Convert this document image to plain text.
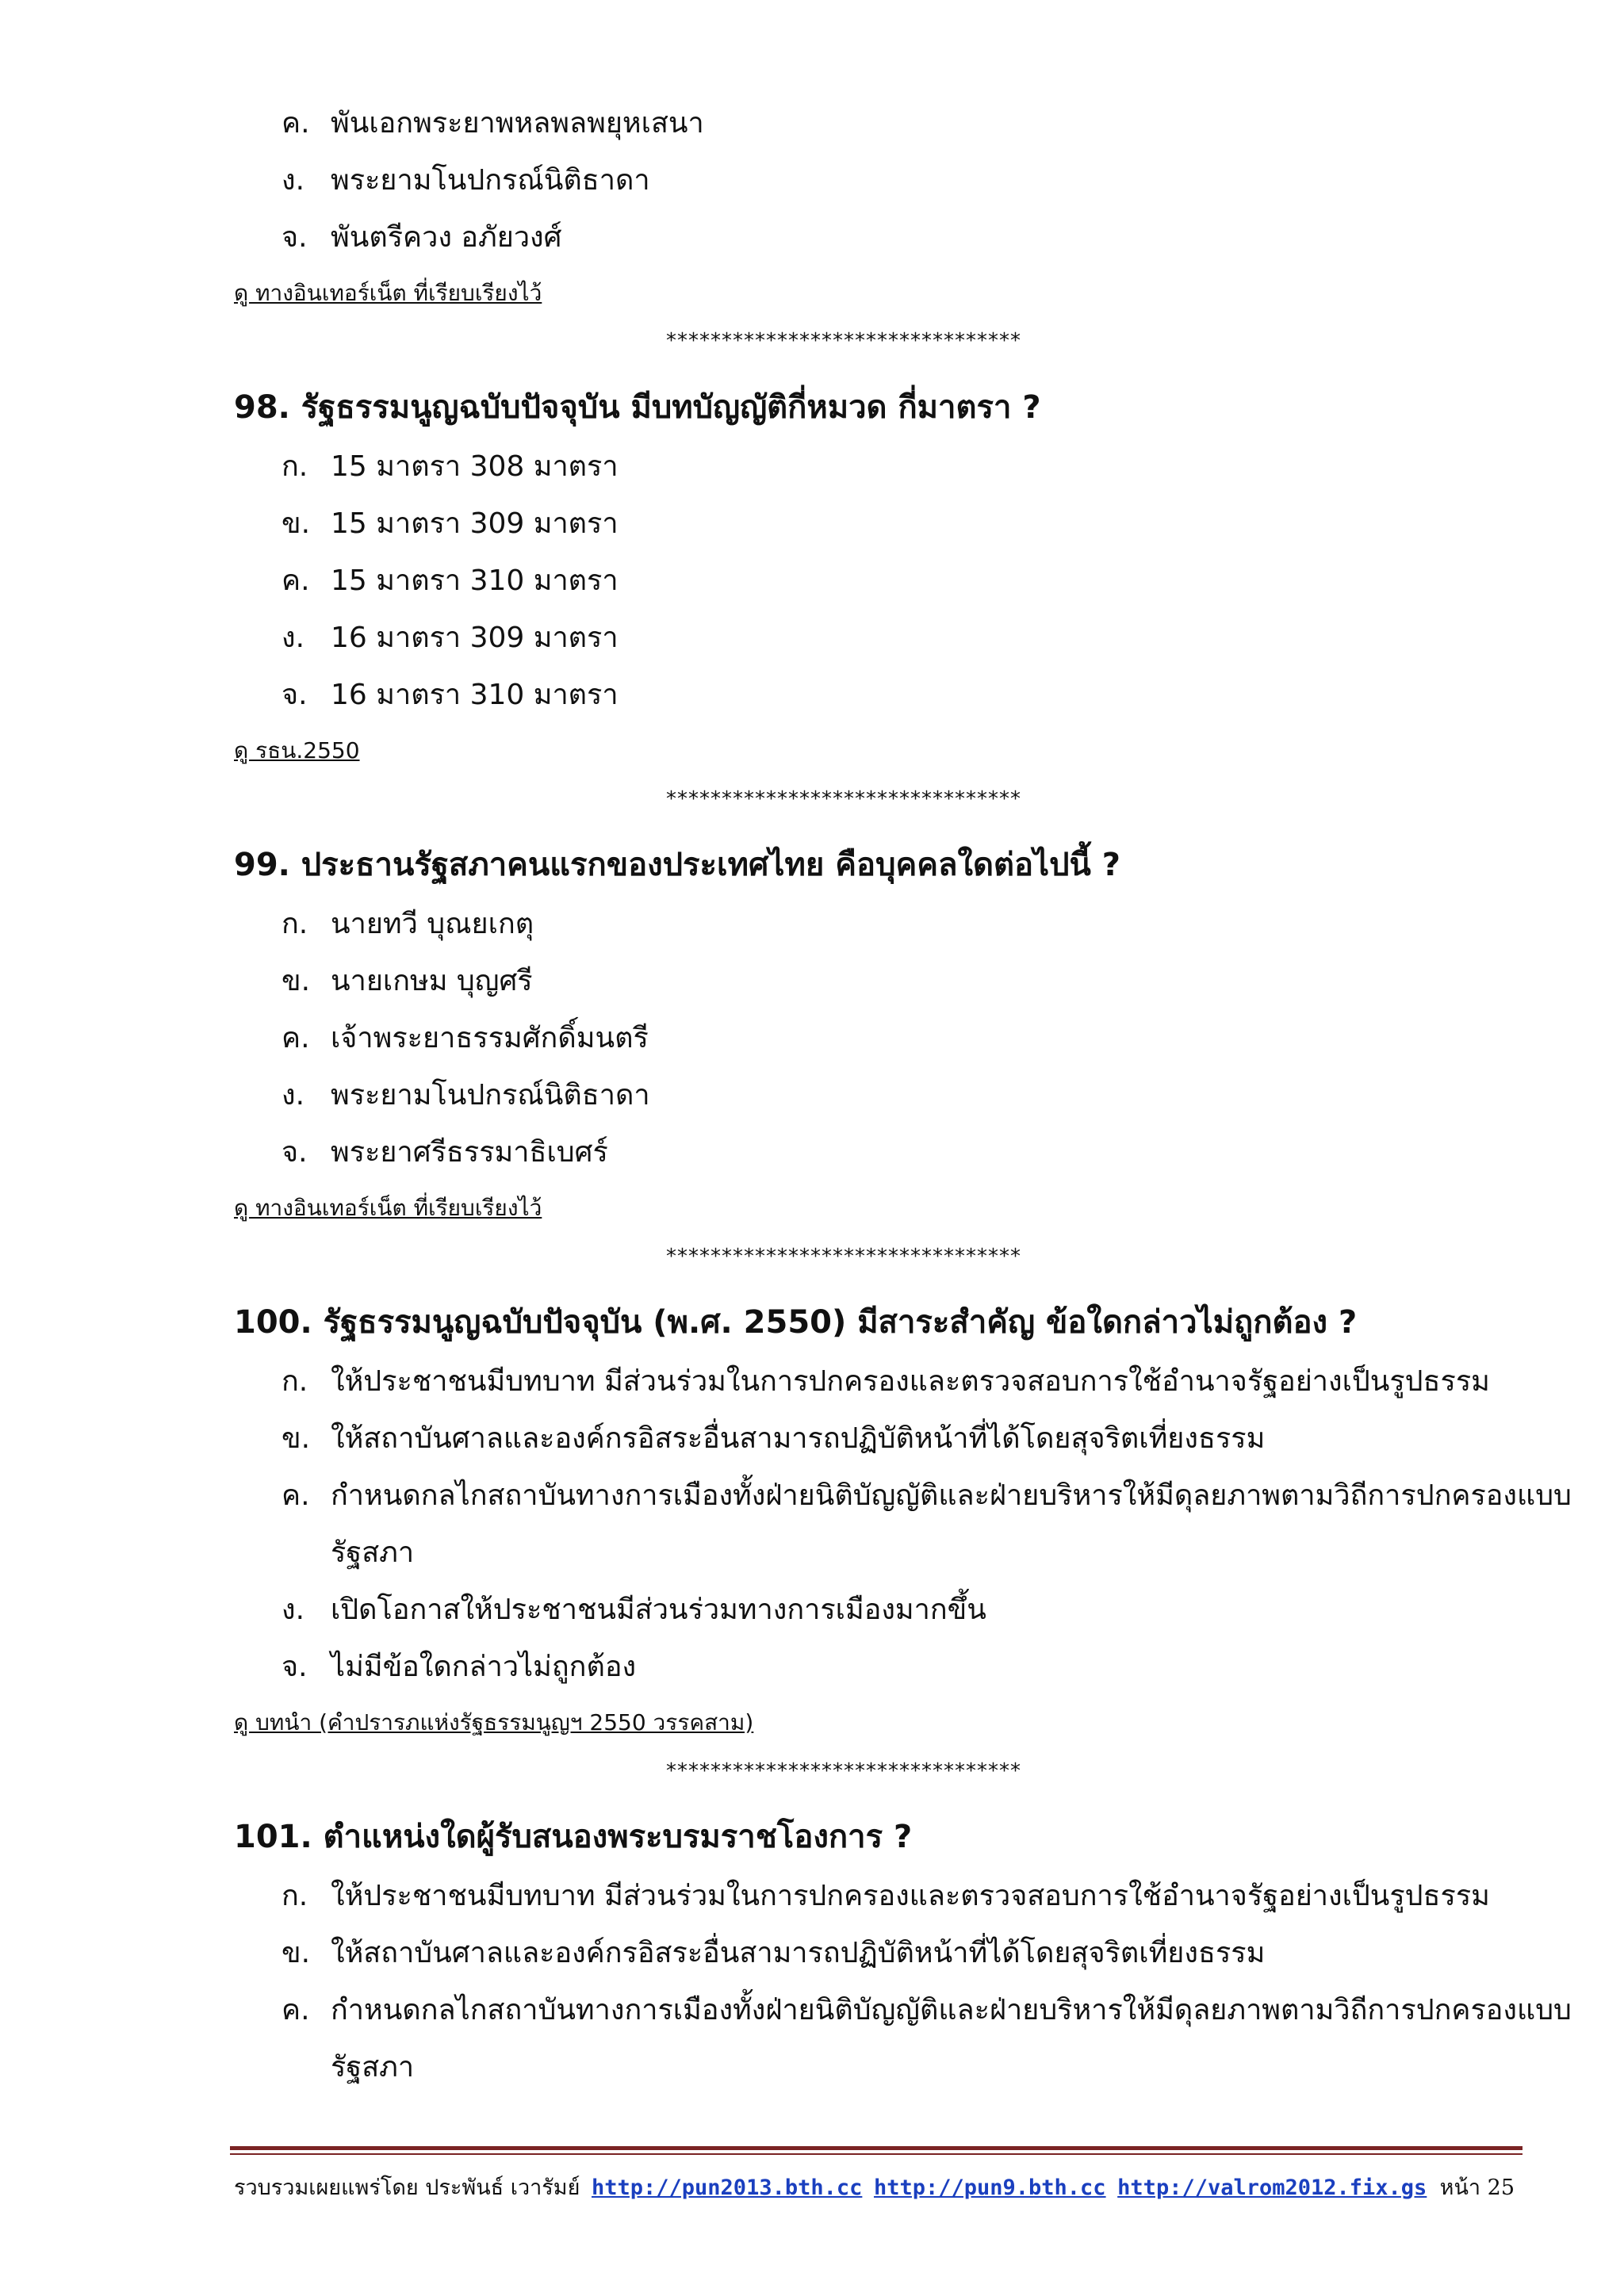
ค. พันเอกพระยาพหลพลพยุหเสนา
ง. พระยามโนปกรณ์นิติธาดา
จ. พันตรีควง อภัยวงศ์
ดู ทางอินเทอร์เน็ต ที่เรียบเรียงไว้
********************************
98. รัฐธรรมนูญฉบับปัจจุบัน มีบทบัญญัติกี่หมวด กี่มาตรา ?
ก. 15 มาตรา 308 มาตรา
ข. 15 มาตรา 309 มาตรา
ค. 15 มาตรา 310 มาตรา
ง. 16 มาตรา 309 มาตรา
จ. 16 มาตรา 310 มาตรา
ดู รธน.2550
********************************
99. ประธานรัฐสภาคนแรกของประเทศไทย คือบุคคลใดต่อไปนี้ ?
ก. นายทวี บุณยเกตุ
ข. นายเกษม บุญศรี
ค. เจ้าพระยาธรรมศักดิ์มนตรี
ง. พระยามโนปกรณ์นิติธาดา
จ. พระยาศรีธรรมาธิเบศร์
ดู ทางอินเทอร์เน็ต ที่เรียบเรียงไว้
********************************
100. รัฐธรรมนูญฉบับปัจจุบัน (พ.ศ. 2550) มีสาระสำคัญ ข้อใดกล่าวไม่ถูกต้อง ?
ก. ให้ประชาชนมีบทบาท มีส่วนร่วมในการปกครองและตรวจสอบการใช้อำนาจรัฐอย่างเป็นรูปธรรม
ข. ให้สถาบันศาลและองค์กรอิสระอื่นสามารถปฏิบัติหน้าที่ได้โดยสุจริตเที่ยงธรรม
ค. กำหนดกลไกสถาบันทางการเมืองทั้งฝ่ายนิติบัญญัติและฝ่ายบริหารให้มีดุลยภาพตามวิถีการปกครองแบบ
รัฐสภา
ง. เปิดโอกาสให้ประชาชนมีส่วนร่วมทางการเมืองมากขึ้น
จ. ไม่มีข้อใดกล่าวไม่ถูกต้อง
ดู บทนำ (คำปรารภแห่งรัฐธรรมนูญฯ 2550 วรรคสาม)
********************************
101. ตำแหน่งใดผู้รับสนองพระบรมราชโองการ ?
ก. ให้ประชาชนมีบทบาท มีส่วนร่วมในการปกครองและตรวจสอบการใช้อำนาจรัฐอย่างเป็นรูปธรรม
ข. ให้สถาบันศาลและองค์กรอิสระอื่นสามารถปฏิบัติหน้าที่ได้โดยสุจริตเที่ยงธรรม
ค. กำหนดกลไกสถาบันทางการเมืองทั้งฝ่ายนิติบัญญัติและฝ่ายบริหารให้มีดุลยภาพตามวิถีการปกครองแบบ
รัฐสภา
รวบรวมเผยแพร่โดย ประพันธ์ เวารัมย์ http://pun2013.bth.cc http://pun9.bth.cc http://valrom2012.fix.gs หน้า 25
